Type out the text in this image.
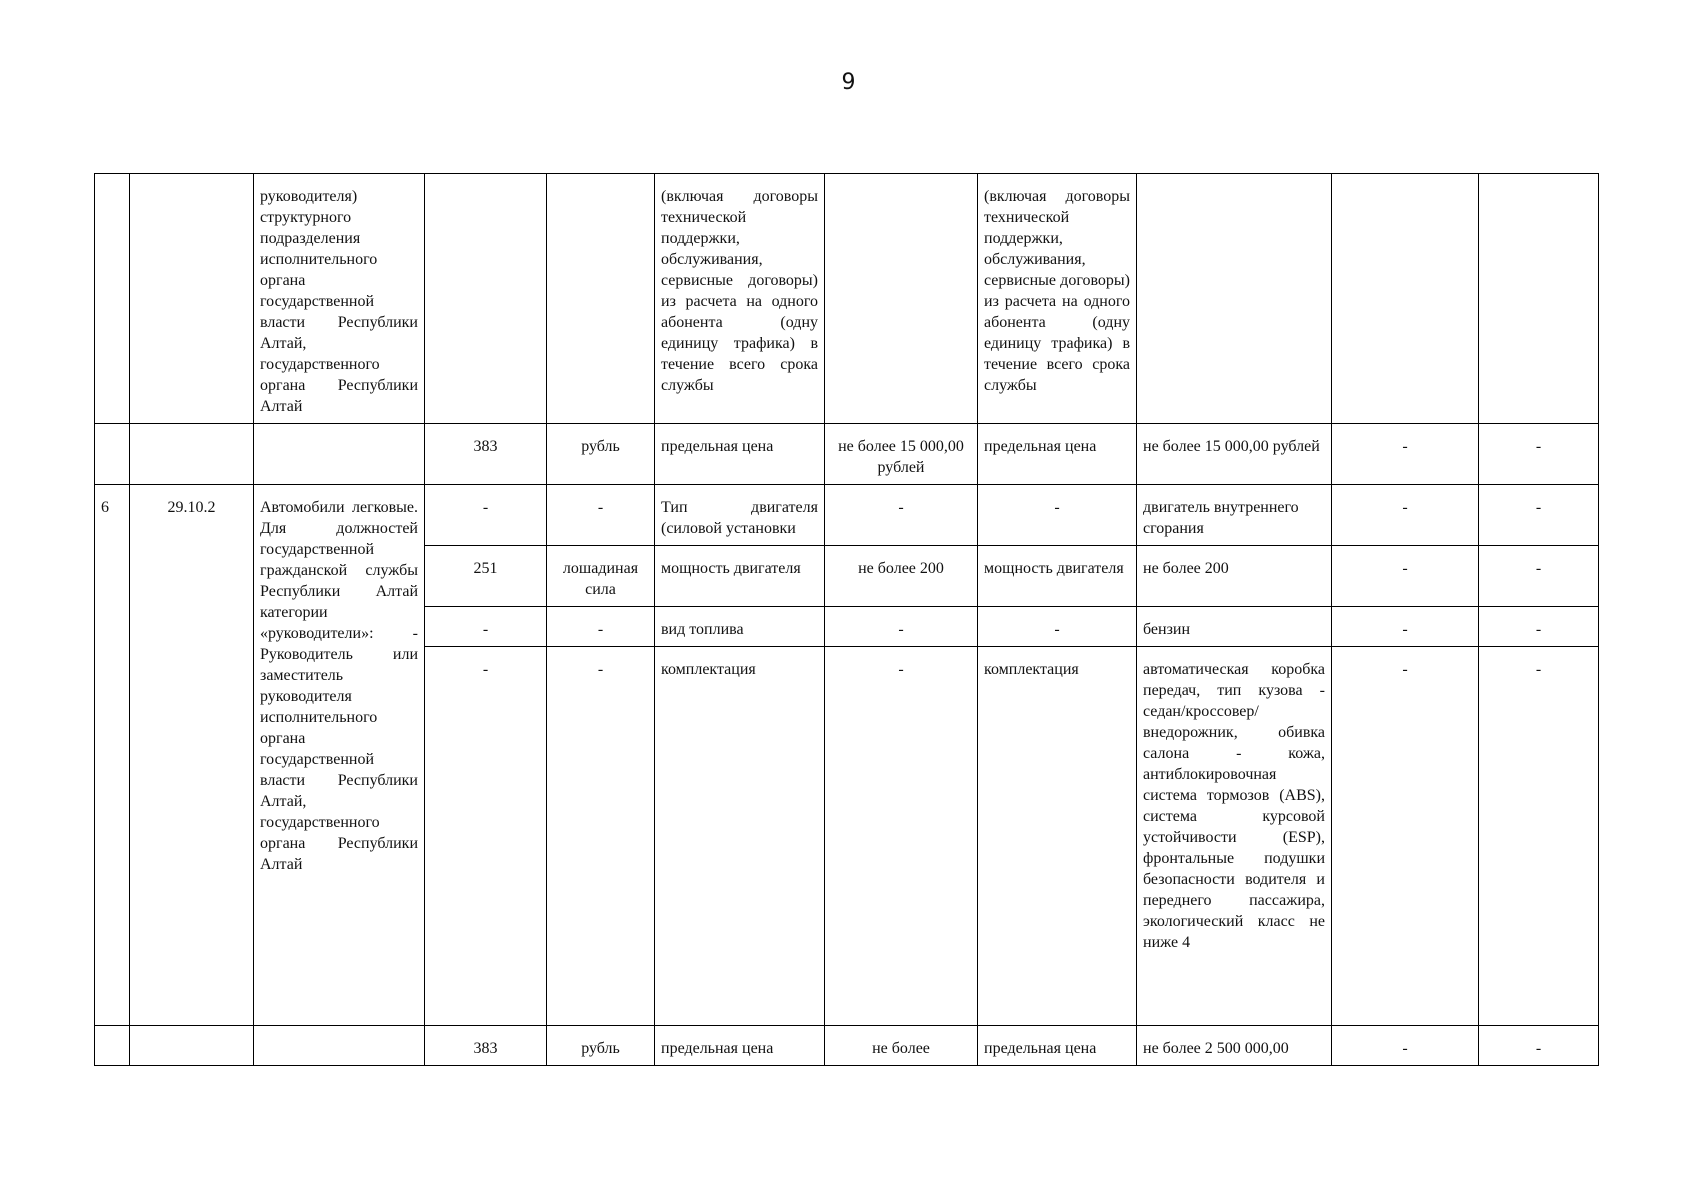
9
		руководителя) структурного подразделения исполнительного органа государственной власти Республики Алтай, государственного органа Республики Алтай			(включая договоры технической поддержки, обслуживания, сервисные договоры) из расчета на одного абонента (одну единицу трафика) в течение всего срока службы		(включая договоры технической поддержки, обслуживания, сервисные договоры) из расчета на одного абонента (одну единицу трафика) в течение всего срока службы			
			383	рубль	предельная цена	не более 15 000,00 рублей	предельная цена	не более 15 000,00 рублей	-	-
6	29.10.2	Автомобили легковые. Для должностей государственной гражданской службы Республики Алтай категории «руководители»: - Руководитель или заместитель руководителя исполнительного органа государственной власти Республики Алтай, государственного органа Республики Алтай	-	-	Тип двигателя (силовой установки	-	-	двигатель внутреннего сгорания	-	-
			251	лошадиная сила	мощность двигателя	не более 200	мощность двигателя	не более 200	-	-
			-	-	вид топлива	-	-	бензин	-	-
			-	-	комплектация	-	комплектация	автоматическая коробка передач, тип кузова - седан/кроссовер/внедорожник, обивка салона - кожа, антиблокировочная система тормозов (ABS), система курсовой устойчивости (ESP), фронтальные подушки безопасности водителя и переднего пассажира, экологический класс не ниже 4	-	-
			383	рубль	предельная цена	не более	предельная цена	не более 2 500 000,00	-	-
